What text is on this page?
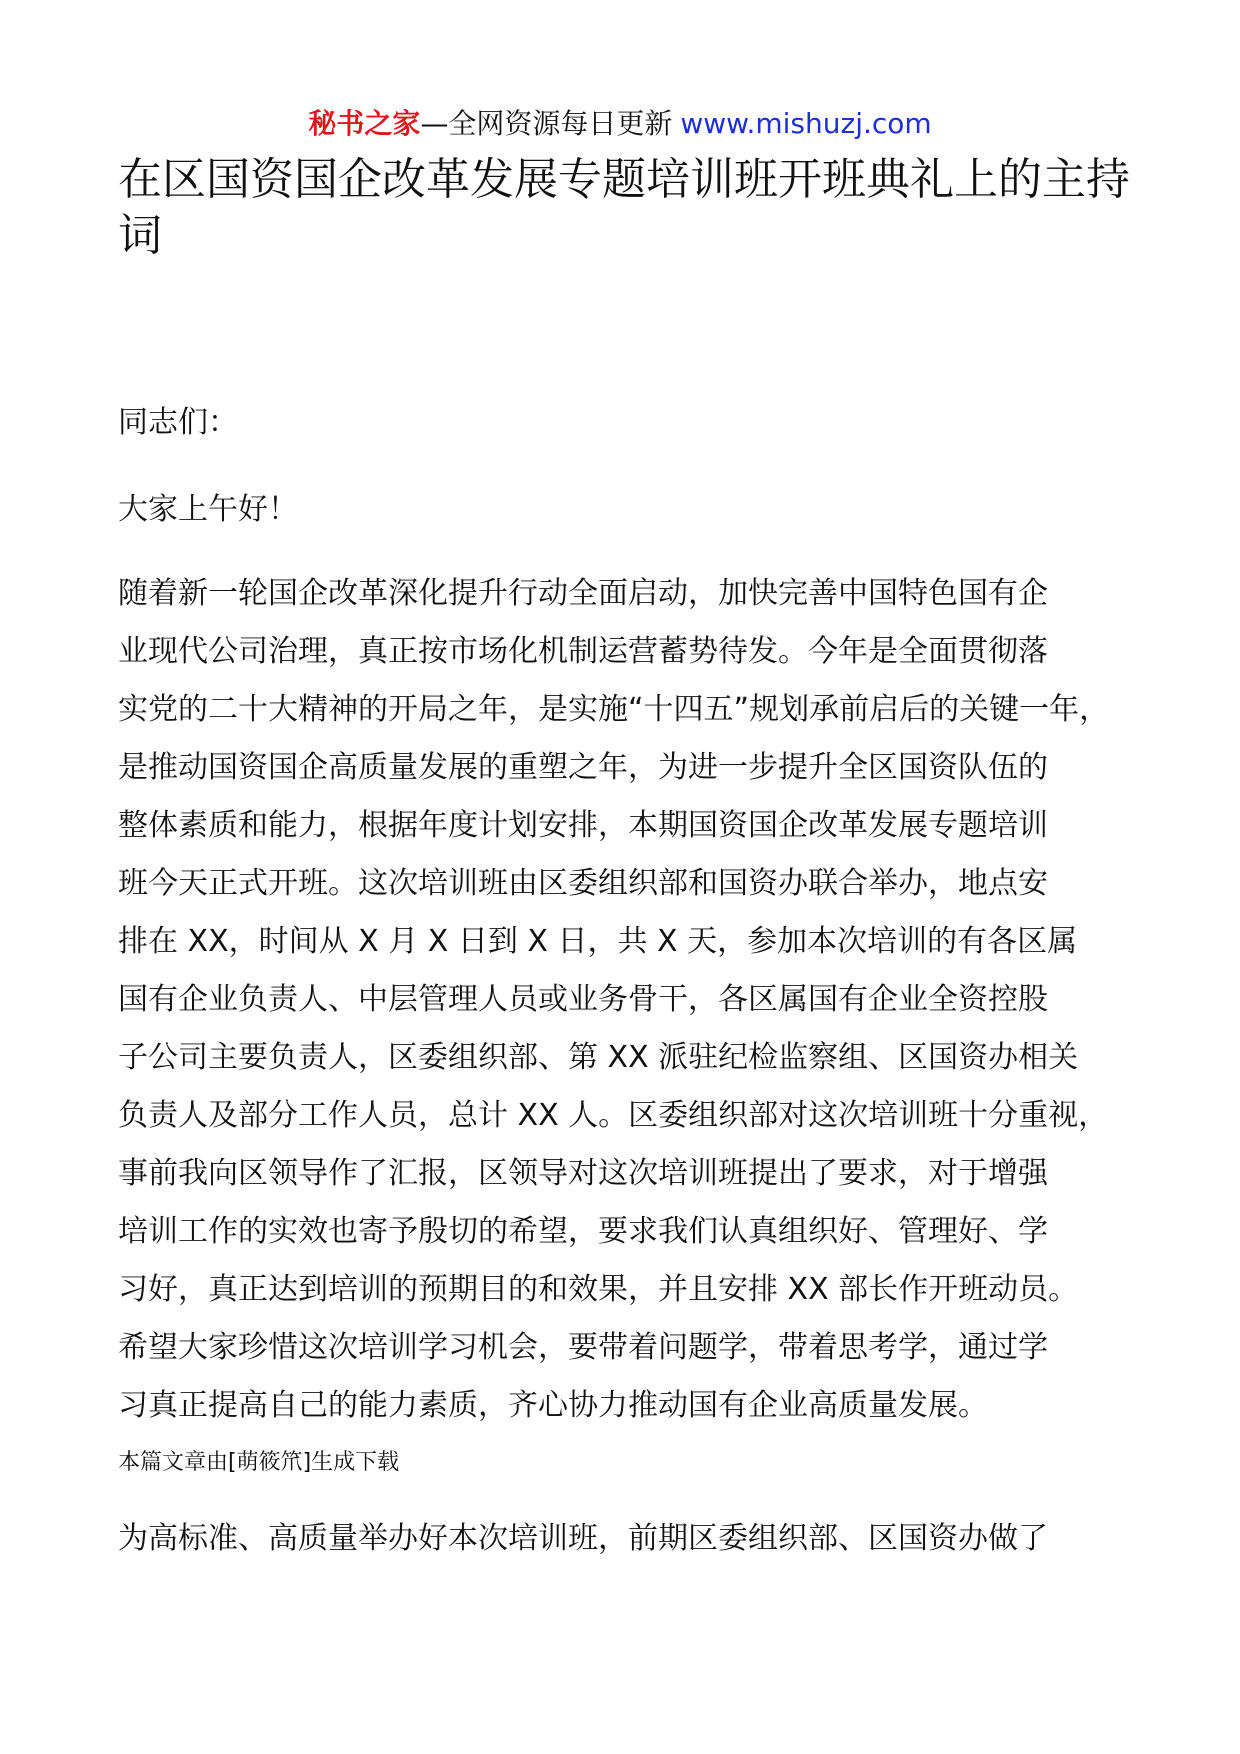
秘书之家—全网资源每日更新 www.mishuzj.com
在区国资国企改革发展专题培训班开班典礼上的主持
词

同志们：

大家上午好！

随着新一轮国企改革深化提升行动全面启动，加快完善中国特色国有企
业现代公司治理，真正按市场化机制运营蓄势待发。今年是全面贯彻落
实党的二十大精神的开局之年，是实施“十四五”规划承前启后的关键一年，
是推动国资国企高质量发展的重塑之年，为进一步提升全区国资队伍的
整体素质和能力，根据年度计划安排，本期国资国企改革发展专题培训
班今天正式开班。这次培训班由区委组织部和国资办联合举办，地点安
排在 XX，时间从 X 月 X 日到 X 日，共 X 天，参加本次培训的有各区属
国有企业负责人、中层管理人员或业务骨干，各区属国有企业全资控股
子公司主要负责人，区委组织部、第 XX 派驻纪检监察组、区国资办相关
负责人及部分工作人员，总计 XX 人。区委组织部对这次培训班十分重视，
事前我向区领导作了汇报，区领导对这次培训班提出了要求，对于增强
培训工作的实效也寄予殷切的希望，要求我们认真组织好、管理好、学
习好，真正达到培训的预期目的和效果，并且安排 XX 部长作开班动员。
希望大家珍惜这次培训学习机会，要带着问题学，带着思考学，通过学
习真正提高自己的能力素质，齐心协力推动国有企业高质量发展。
本篇文章由[萌筱笊]生成下载
为高标准、高质量举办好本次培训班，前期区委组织部、区国资办做了
